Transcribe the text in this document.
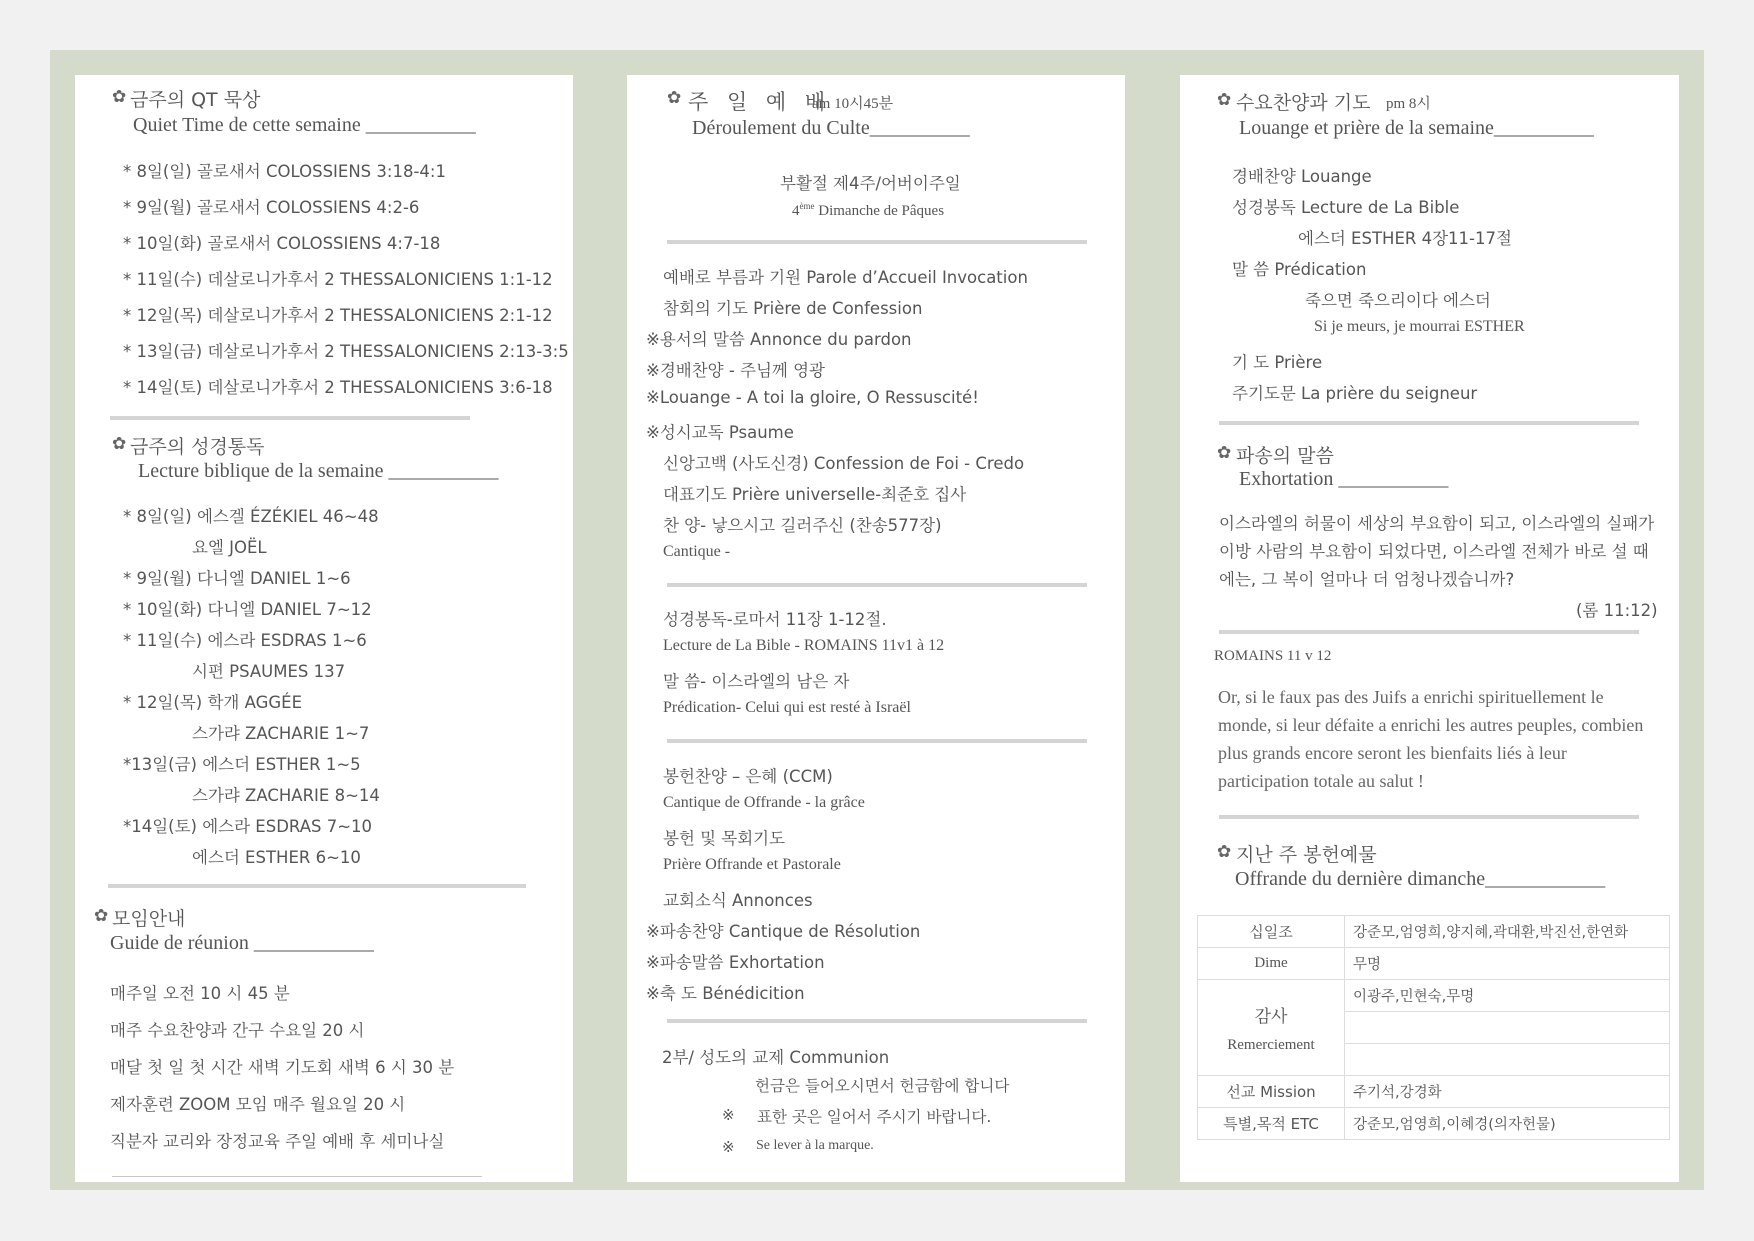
✿ 금주의 QT 묵상
Quiet Time de cette semaine ___________
* 8일(일) 골로새서 COLOSSIENS 3:18-4:1
* 9일(월) 골로새서 COLOSSIENS 4:2-6
* 10일(화) 골로새서 COLOSSIENS 4:7-18
* 11일(수) 데살로니가후서 2 THESSALONICIENS 1:1-12
* 12일(목) 데살로니가후서 2 THESSALONICIENS 2:1-12
* 13일(금) 데살로니가후서 2 THESSALONICIENS 2:13-3:5
* 14일(토) 데살로니가후서 2 THESSALONICIENS 3:6-18
✿ 금주의 성경통독
Lecture biblique de la semaine ___________
* 8일(일) 에스겔 ÉZÉKIEL 46~48
요엘 JOËL
* 9일(월) 다니엘 DANIEL 1~6
* 10일(화) 다니엘 DANIEL 7~12
* 11일(수) 에스라 ESDRAS 1~6
시편 PSAUMES 137
* 12일(목) 학개 AGGÉE
스가랴 ZACHARIE 1~7
*13일(금) 에스더 ESTHER 1~5
스가랴 ZACHARIE 8~14
*14일(토) 에스라 ESDRAS 7~10
에스더 ESTHER 6~10
✿ 모임안내
Guide de réunion ____________
매주일 오전 10 시 45 분
매주 수요찬양과 간구 수요일 20 시
매달 첫 일 첫 시간 새벽 기도회 새벽 6 시 30 분
제자훈련 ZOOM 모임 매주 월요일 20 시
직분자 교리와 장정교육 주일 예배 후 세미나실
✿ 주 일 예 배
am 10시45분
Déroulement du Culte__________
부활절 제4주/어버이주일
4ème Dimanche de Pâques
예배로 부름과 기원 Parole d’Accueil Invocation
참회의 기도 Prière de Confession
※용서의 말씀 Annonce du pardon
※경배찬양 - 주님께 영광
※Louange - A toi la gloire, O Ressuscité!
※성시교독 Psaume
신앙고백 (사도신경) Confession de Foi - Credo
대표기도 Prière universelle-최준호 집사
찬 양- 낳으시고 길러주신 (찬송577장)
Cantique -
성경봉독-로마서 11장 1-12절.
Lecture de La Bible - ROMAINS 11v1 à 12
말 씀- 이스라엘의 남은 자
Prédication- Celui qui est resté à Israël
봉헌찬양 – 은혜 (CCM)
Cantique de Offrande - la grâce
봉헌 및 목회기도
Prière Offrande et Pastorale
교회소식 Annonces
※파송찬양 Cantique de Résolution
※파송말씀 Exhortation
※축 도 Bénédicition
2부/ 성도의 교제 Communion
헌금은 들어오시면서 헌금함에 합니다
※ 표한 곳은 일어서 주시기 바랍니다.
※ Se lever à la marque.
✿ 수요찬양과 기도 pm 8시
Louange et prière de la semaine__________
경배찬양 Louange
성경봉독 Lecture de La Bible
에스더 ESTHER 4장11-17절
말 씀 Prédication
죽으면 죽으리이다 에스더
Si je meurs, je mourrai ESTHER
기 도 Prière
주기도문 La prière du seigneur
✿ 파송의 말씀
Exhortation ___________
이스라엘의 허물이 세상의 부요함이 되고, 이스라엘의 실패가 이방 사람의 부요함이 되었다면, 이스라엘 전체가 바로 설 때에는, 그 복이 얼마나 더 엄청나겠습니까?
(롬 11:12)
ROMAINS 11 v 12
Or, si le faux pas des Juifs a enrichi spirituellement le monde, si leur défaite a enrichi les autres peuples, combien plus grands encore seront les bienfaits liés à leur participation totale au salut !
✿ 지난 주 봉헌예물
Offrande du dernière dimanche____________
십일조	강준모,엄영희,양지혜,곽대환,박진선,한연화
Dime	무명

감사
Remerciement	이광주,민현숙,무명

선교 Mission	주기석,강경화
특별,목적 ETC	강준모,엄영희,이혜경(의자헌물)
